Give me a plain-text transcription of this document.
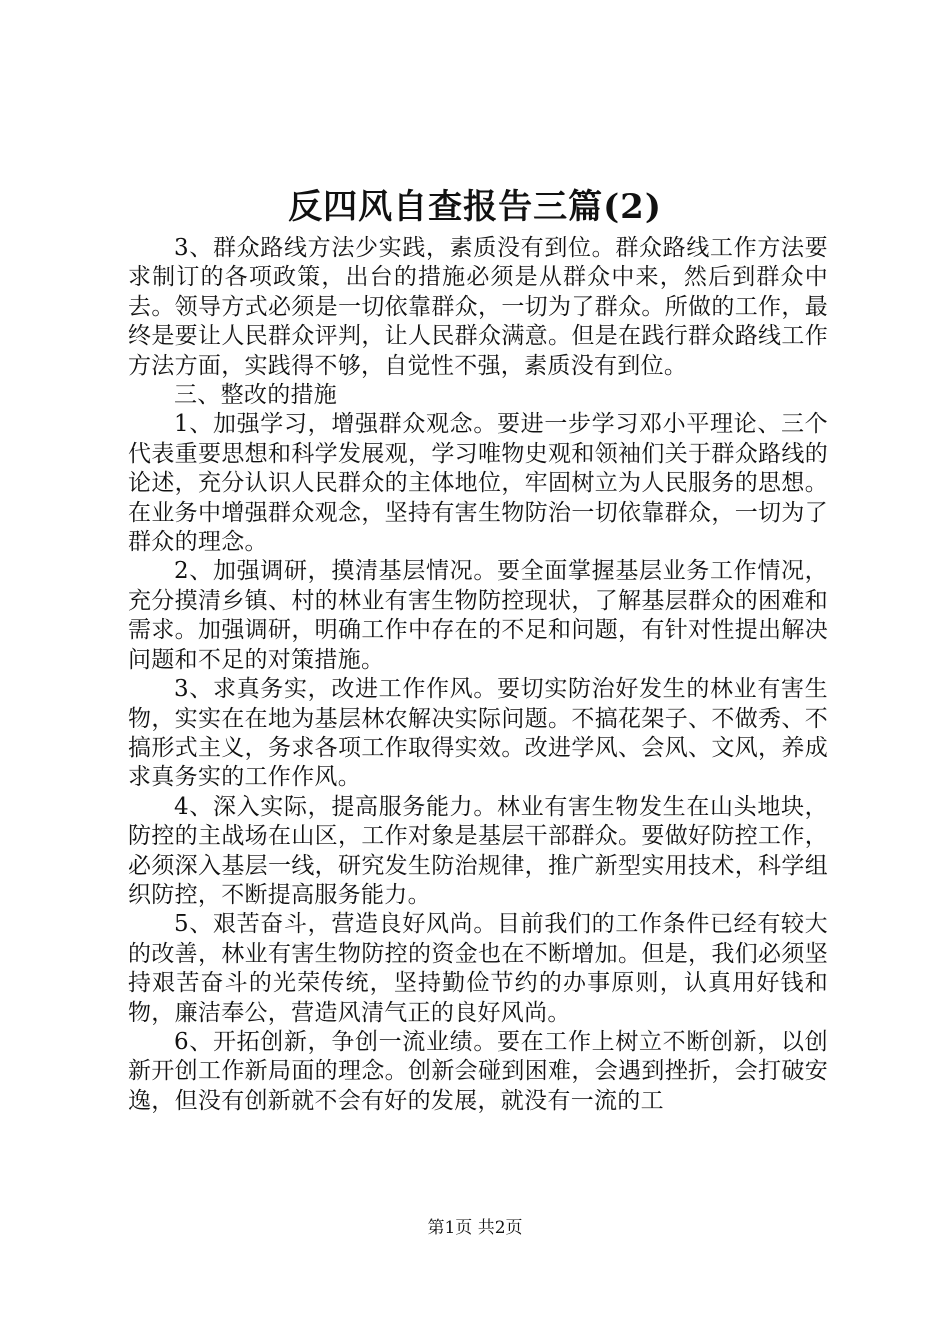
反四风自查报告三篇(2)

3、群众路线方法少实践，素质没有到位。群众路线工作方法要求制订的各项政策，出台的措施必须是从群众中来，然后到群众中去。领导方式必须是一切依靠群众，一切为了群众。所做的工作，最终是要让人民群众评判，让人民群众满意。但是在践行群众路线工作方法方面，实践得不够，自觉性不强，素质没有到位。

三、整改的措施

1、加强学习，增强群众观念。要进一步学习邓小平理论、三个代表重要思想和科学发展观，学习唯物史观和领袖们关于群众路线的论述，充分认识人民群众的主体地位，牢固树立为人民服务的思想。在业务中增强群众观念，坚持有害生物防治一切依靠群众，一切为了群众的理念。

2、加强调研，摸清基层情况。要全面掌握基层业务工作情况，充分摸清乡镇、村的林业有害生物防控现状，了解基层群众的困难和需求。加强调研，明确工作中存在的不足和问题，有针对性提出解决问题和不足的对策措施。

3、求真务实，改进工作作风。要切实防治好发生的林业有害生物，实实在在地为基层林农解决实际问题。不搞花架子、不做秀、不搞形式主义，务求各项工作取得实效。改进学风、会风、文风，养成求真务实的工作作风。

4、深入实际，提高服务能力。林业有害生物发生在山头地块，防控的主战场在山区，工作对象是基层干部群众。要做好防控工作，必须深入基层一线，研究发生防治规律，推广新型实用技术，科学组织防控，不断提高服务能力。

5、艰苦奋斗，营造良好风尚。目前我们的工作条件已经有较大的改善，林业有害生物防控的资金也在不断增加。但是，我们必须坚持艰苦奋斗的光荣传统，坚持勤俭节约的办事原则，认真用好钱和物，廉洁奉公，营造风清气正的良好风尚。

6、开拓创新，争创一流业绩。要在工作上树立不断创新，以创新开创工作新局面的理念。创新会碰到困难，会遇到挫折，会打破安逸，但没有创新就不会有好的发展，就没有一流的工

第1页 共2页
